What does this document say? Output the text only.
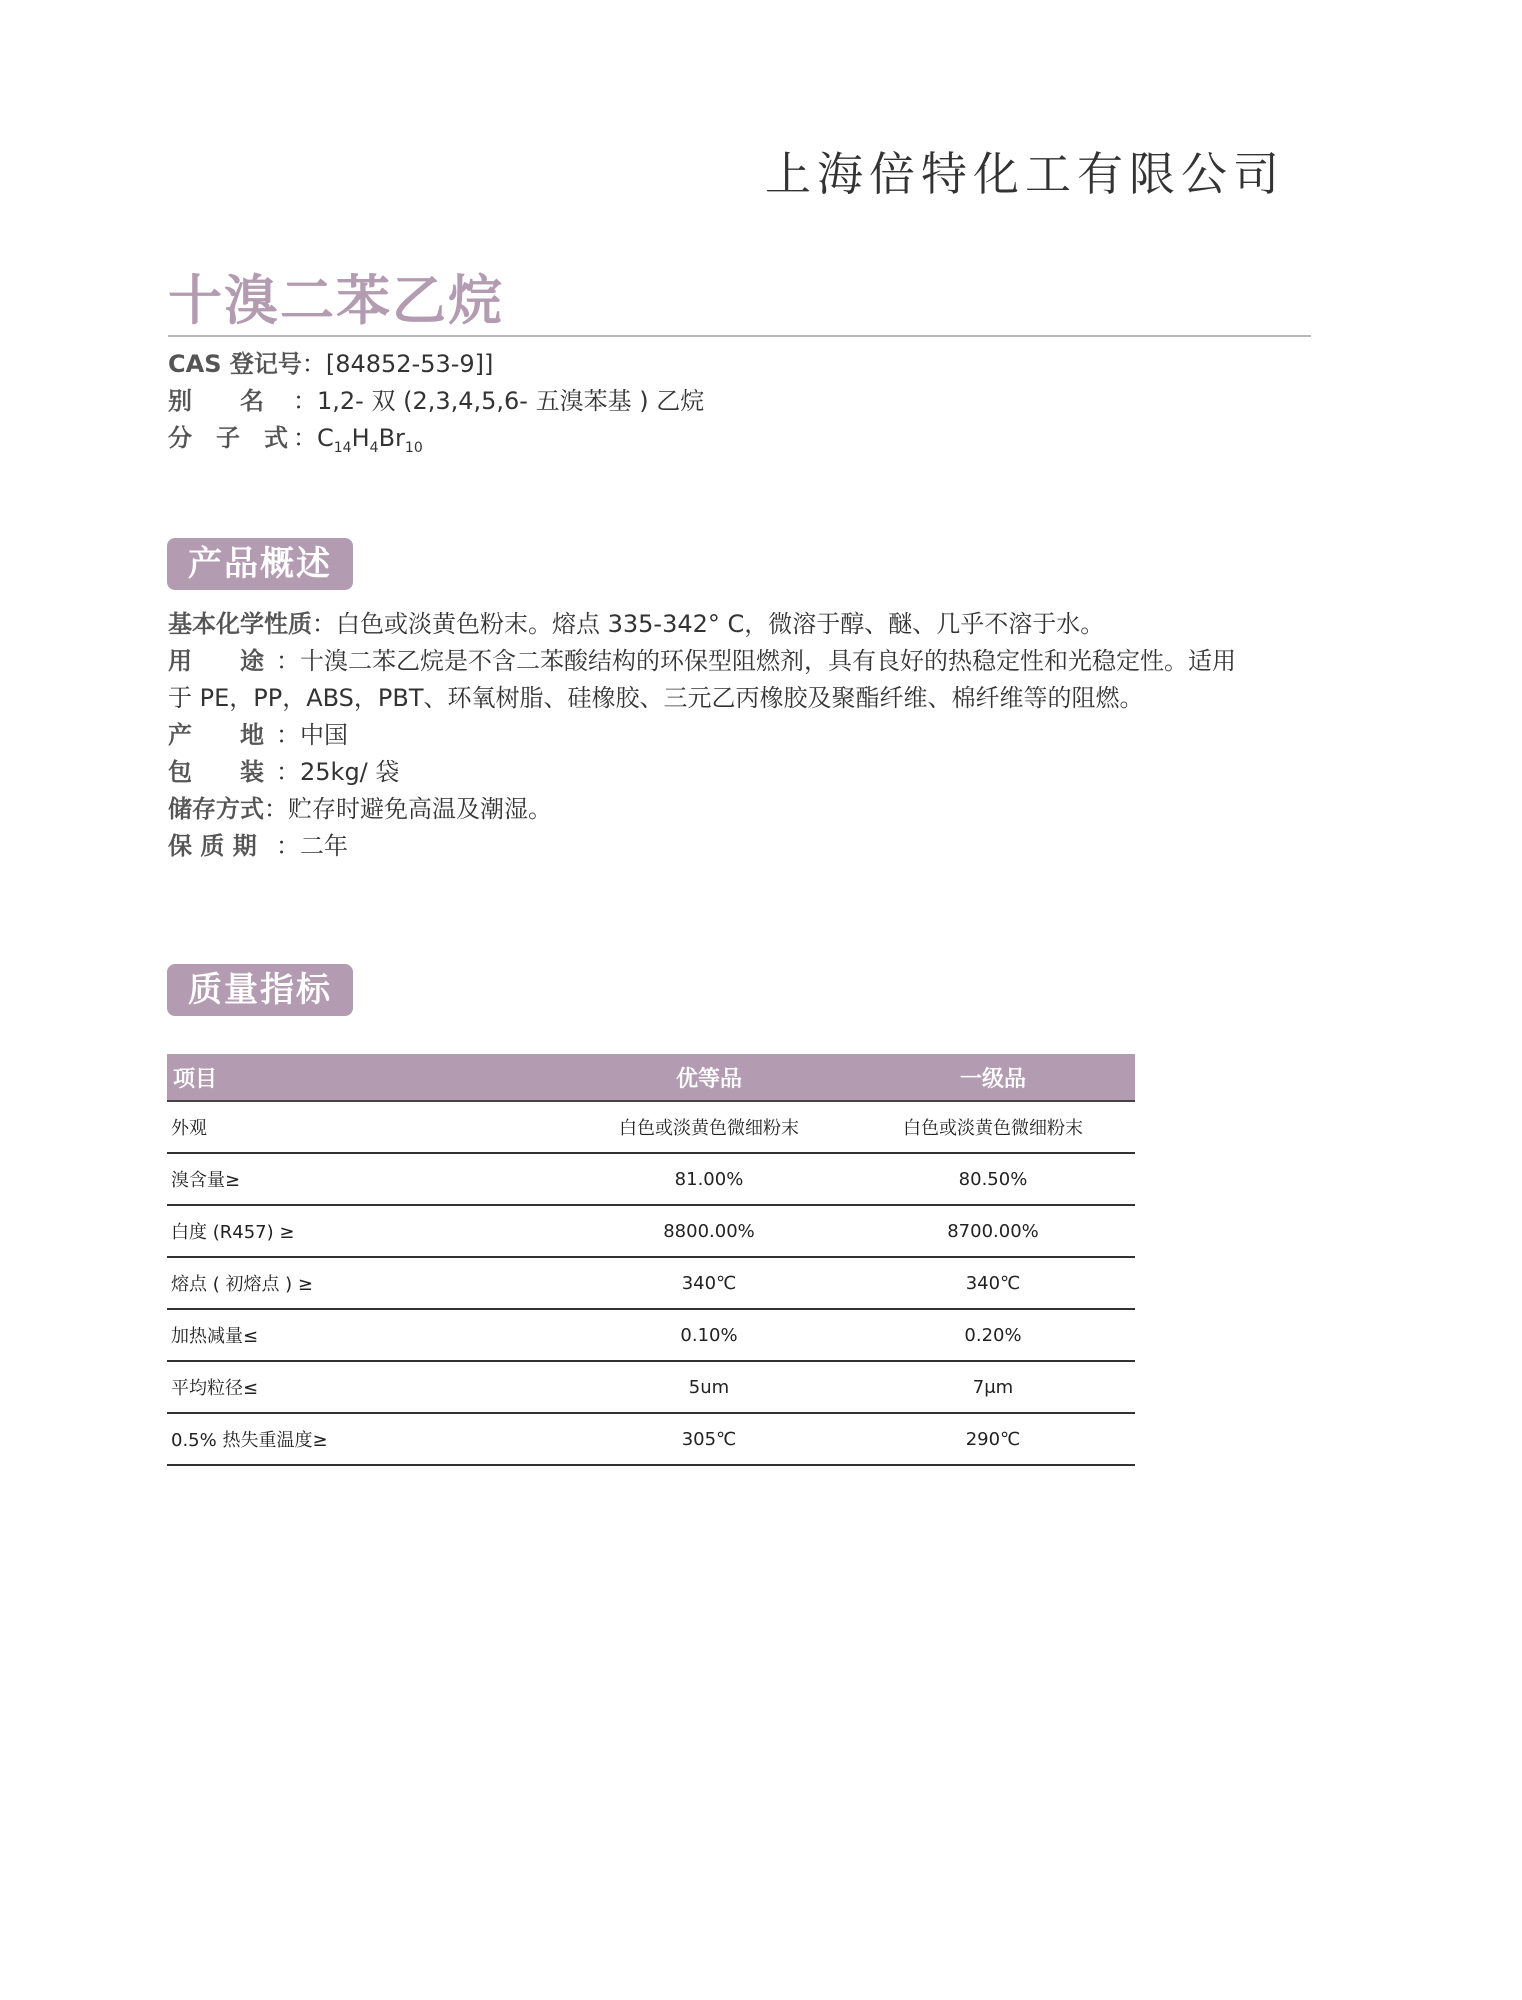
上海倍特化工有限公司
十溴二苯乙烷
CAS 登记号：[84852-53-9]]
别　　名 ：1,2- 双 (2,3,4,5,6- 五溴苯基 ) 乙烷
分　子　式 ：$C_{14}H_4Br_{10}$
产品概述
基本化学性质：白色或淡黄色粉末。熔点 335-342° C，微溶于醇、醚、几乎不溶于水。
用　　途 ：十溴二苯乙烷是不含二苯酸结构的环保型阻燃剂，具有良好的热稳定性和光稳定性。适用于 PE，PP，ABS，PBT、环氧树脂、硅橡胶、三元乙丙橡胶及聚酯纤维、棉纤维等的阻燃。
产　　地 ：中国
包　　装 ：25kg/ 袋
储存方式：贮存时避免高温及潮湿。
保 质 期 ：二年
质量指标
项目	优等品	一级品
外观	白色或淡黄色微细粉末	白色或淡黄色微细粉末
溴含量≥	81.00%	80.50%
白度 (R457) ≥	8800.00%	8700.00%
熔点 ( 初熔点 ) ≥	340℃	340℃
加热减量≤	0.10%	0.20%
平均粒径≤	5um	7μm
0.5% 热失重温度≥	305℃	290℃
